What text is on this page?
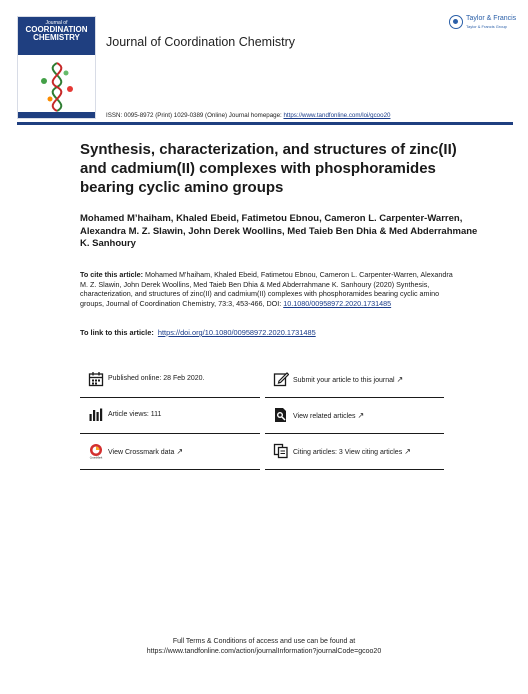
Journal of
COORDINATION
CHEMISTRY	Journal of Coordination Chemistry
Taylor & Francis
Taylor & Francis Group
ISSN: 0095-8972 (Print) 1029-0389 (Online) Journal homepage: https://www.tandfonline.com/loi/gcoo20
Synthesis, characterization, and structures of zinc(II) and cadmium(II) complexes with phosphoramides bearing cyclic amino groups
Mohamed M’haiham, Khaled Ebeid, Fatimetou Ebnou, Cameron L. Carpenter-Warren, Alexandra M. Z. Slawin, John Derek Woollins, Med Taieb Ben Dhia & Med Abderrahmane K. Sanhoury
To cite this article: Mohamed M’haiham, Khaled Ebeid, Fatimetou Ebnou, Cameron L. Carpenter-Warren, Alexandra M. Z. Slawin, John Derek Woollins, Med Taieb Ben Dhia & Med Abderrahmane K. Sanhoury (2020) Synthesis, characterization, and structures of zinc(II) and cadmium(II) complexes with phosphoramides bearing cyclic amino groups, Journal of Coordination Chemistry, 73:3, 453-466, DOI: 10.1080/00958972.2020.1731485
To link to this article: https://doi.org/10.1080/00958972.2020.1731485
Published online: 28 Feb 2020.	Submit your article to this journal ↗
Article views: 111	View related articles ↗
CrossMark
View Crossmark data ↗	Citing articles: 3 View citing articles ↗
Full Terms & Conditions of access and use can be found at
https://www.tandfonline.com/action/journalInformation?journalCode=gcoo20
